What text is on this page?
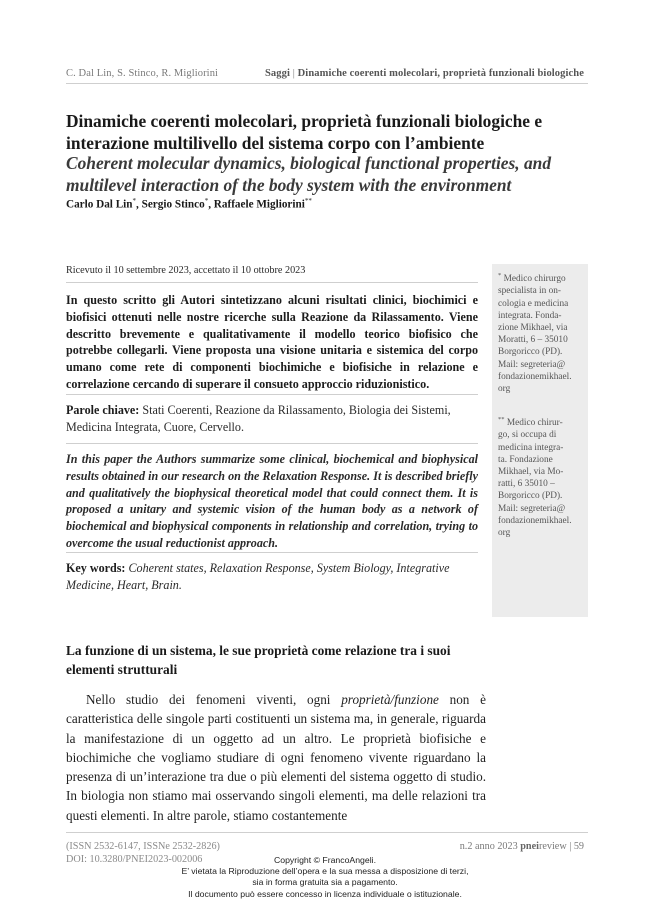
C. Dal Lin, S. Stinco, R. Migliorini	Saggi | Dinamiche coerenti molecolari, proprietà funzionali biologiche
Dinamiche coerenti molecolari, proprietà funzionali biologiche e interazione multilivello del sistema corpo con l’ambiente
Coherent molecular dynamics, biological functional properties, and multilevel interaction of the body system with the environment
Carlo Dal Lin*, Sergio Stinco*, Raffaele Migliorini**
* Medico chirurgo
specialista in on-
cologia e medicina
integrata. Fonda-
zione Mikhael, via
Moratti, 6 – 35010
Borgoricco (PD).
Mail: segreteria@
fondazionemikhael.
org
** Medico chirur-
go, si occupa di
medicina integra-
ta. Fondazione
Mikhael, via Mo-
ratti, 6 35010 –
Borgoricco (PD).
Mail: segreteria@
fondazionemikhael.
org
Ricevuto il 10 settembre 2023, accettato il 10 ottobre 2023
In questo scritto gli Autori sintetizzano alcuni risultati clinici, biochimici e biofisici ottenuti nelle nostre ricerche sulla Reazione da Rilassamento. Viene descritto brevemente e qualitativamente il modello teorico biofisico che potrebbe collegarli. Viene proposta una visione unitaria e sistemica del corpo umano come rete di componenti biochimiche e biofisiche in relazione e correlazione cercando di superare il consueto approccio riduzionistico.
Parole chiave: Stati Coerenti, Reazione da Rilassamento, Biologia dei Sistemi, Medicina Integrata, Cuore, Cervello.
In this paper the Authors summarize some clinical, biochemical and biophysical results obtained in our research on the Relaxation Response. It is described briefly and qualitatively the biophysical theoretical model that could connect them. It is proposed a unitary and systemic vision of the human body as a network of biochemical and biophysical components in relationship and correlation, trying to overcome the usual reductionist approach.
Key words: Coherent states, Relaxation Response, System Biology, Integrative Medicine, Heart, Brain.
La funzione di un sistema, le sue proprietà come relazione tra i suoi elementi strutturali

Nello studio dei fenomeni viventi, ogni proprietà/funzione non è caratteristica delle singole parti costituenti un sistema ma, in generale, riguarda la manifestazione di un oggetto ad un altro. Le proprietà biofisiche e biochimiche che vogliamo studiare di ogni fenomeno vivente riguardano la presenza di un’interazione tra due o più elementi del sistema oggetto di studio. In biologia non stiamo mai osservando singoli elementi, ma delle relazioni tra questi elementi. In altre parole, stiamo costantemente

(ISSN 2532-6147, ISSNe 2532-2826)
DOI: 10.3280/PNEI2023-002006
n.2 anno 2023 pneireview | 59
Copyright © FrancoAngeli.
E’ vietata la Riproduzione dell’opera e la sua messa a disposizione di terzi,
sia in forma gratuita sia a pagamento.
Il documento può essere concesso in licenza individuale o istituzionale.
